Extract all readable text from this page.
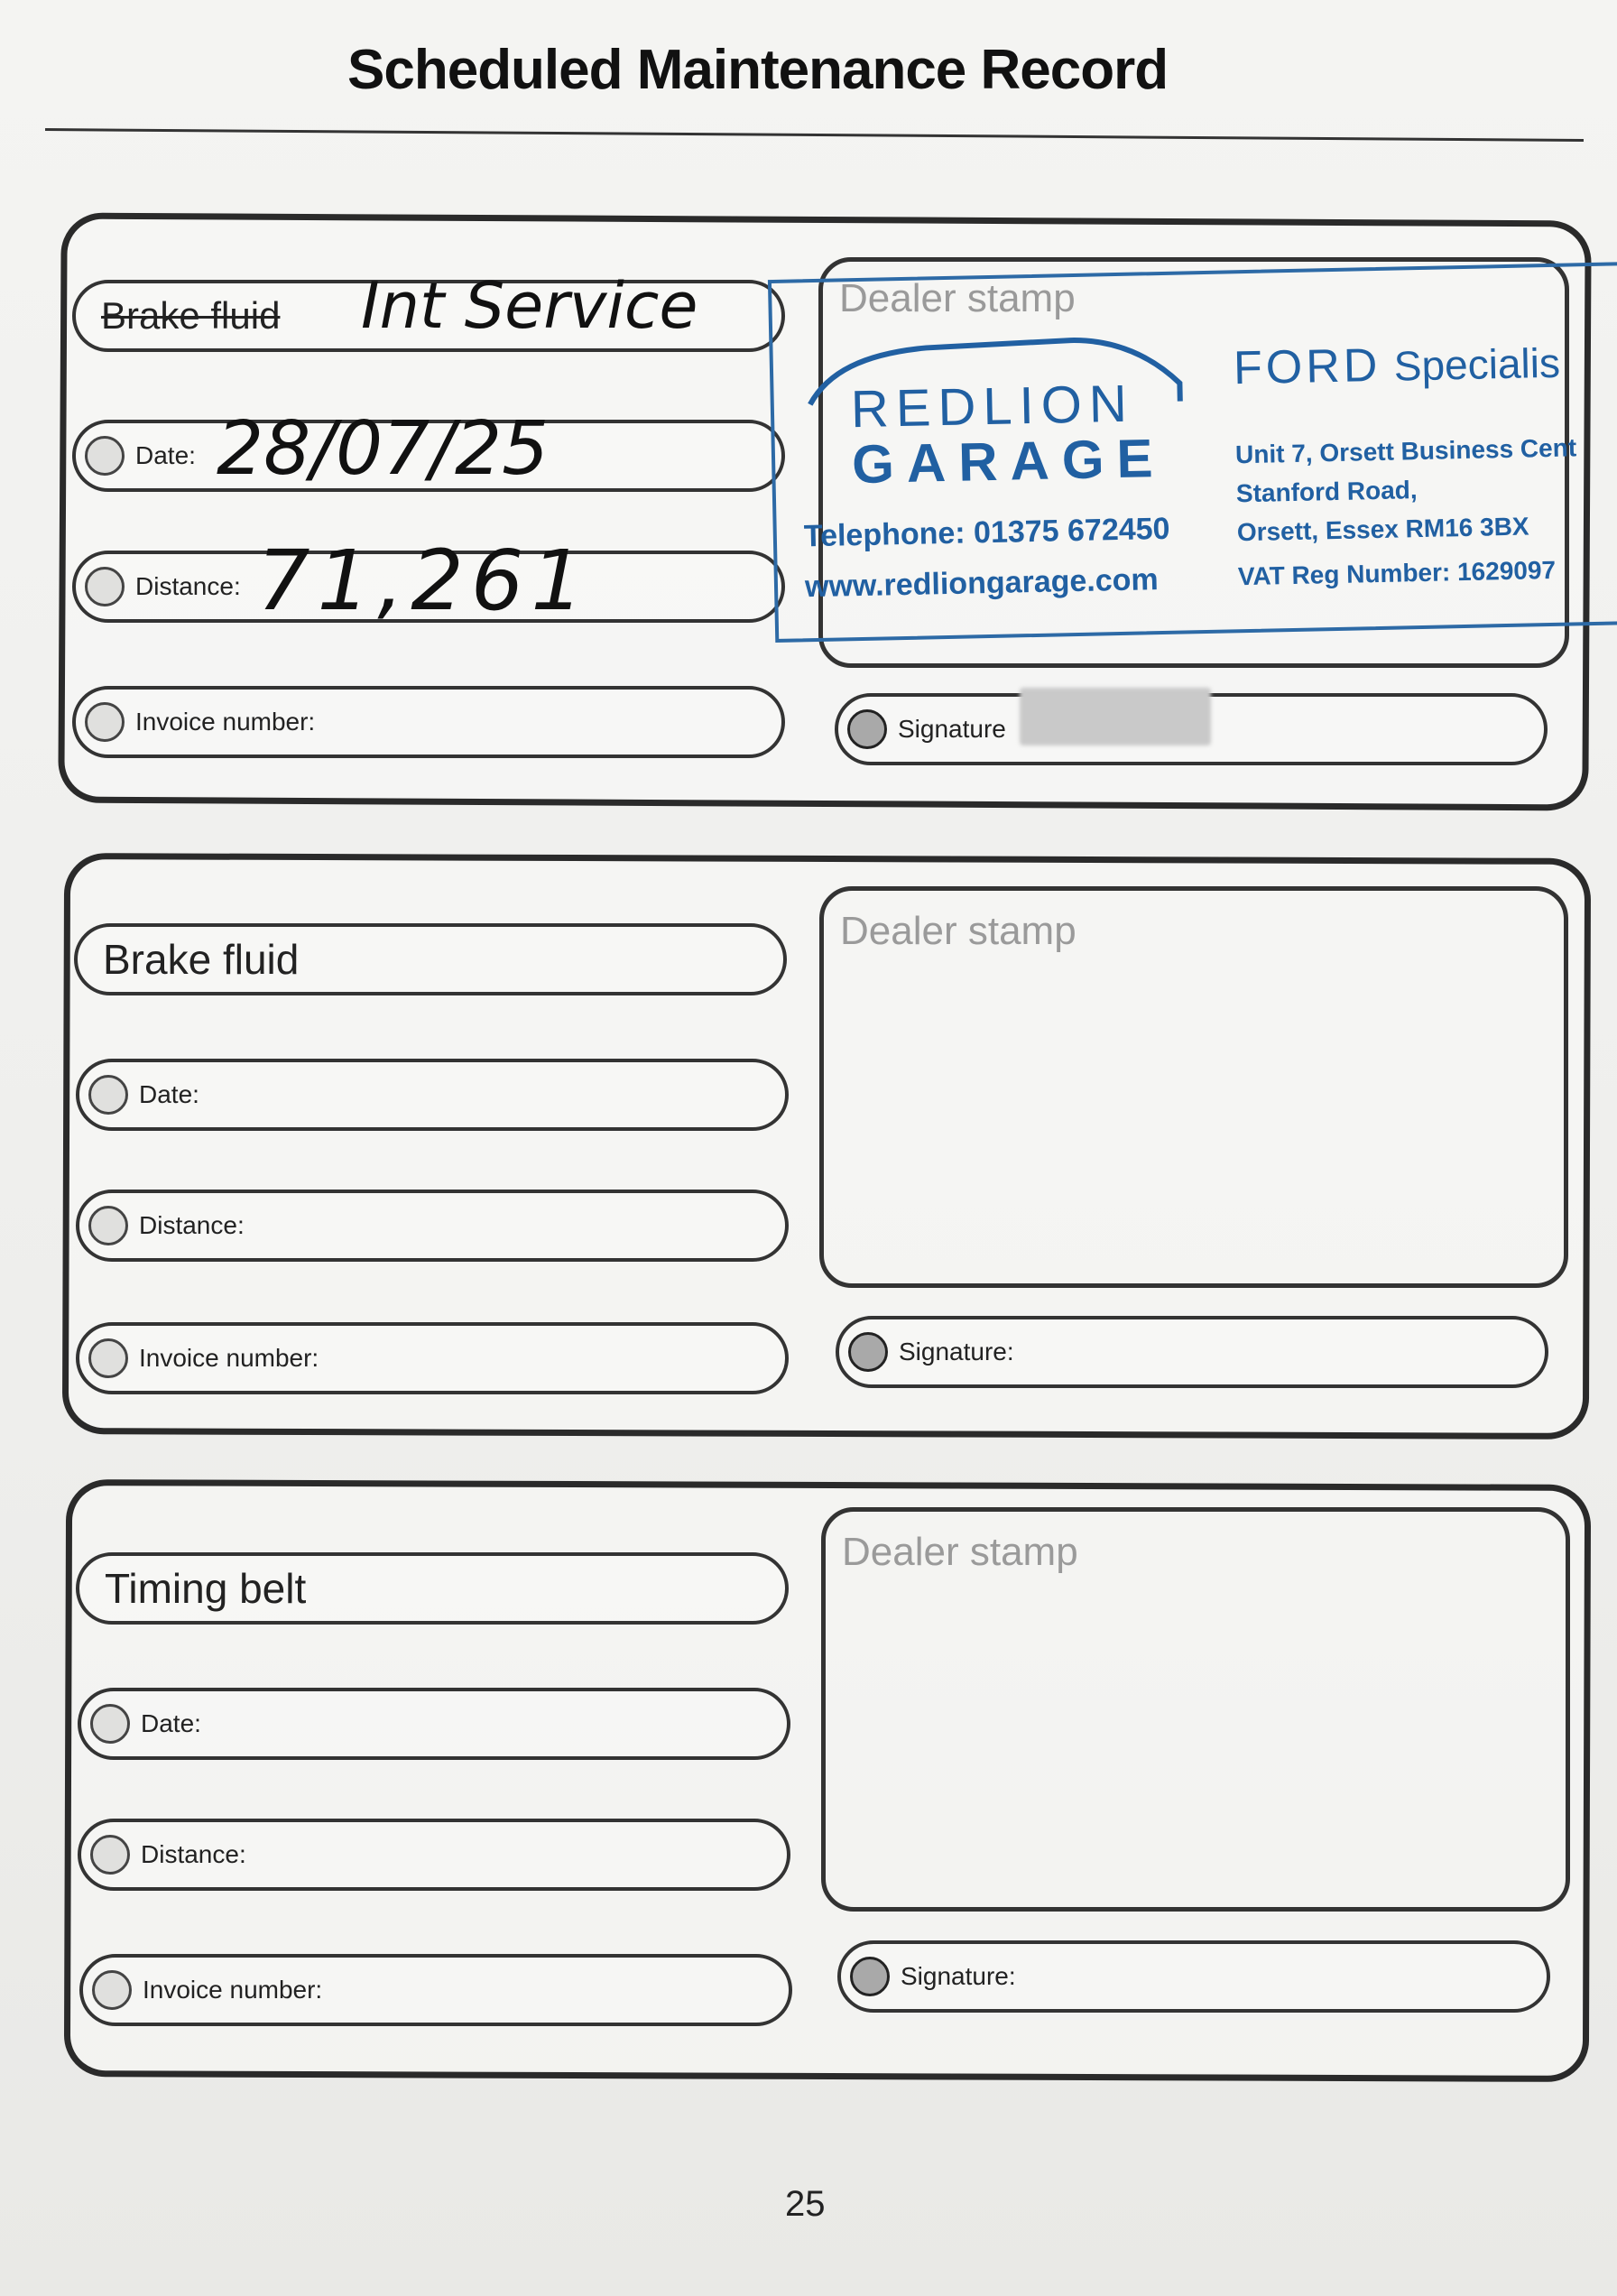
Scheduled Maintenance Record
Brake fluid Int Service
Date: 28/07/25
Distance: 71,261
Invoice number:
Dealer stamp
REDLION
GARAGE
Telephone: 01375 672450
www.redliongarage.com
FORD Specialis
Unit 7, Orsett Business Cent
Stanford Road,
Orsett, Essex RM16 3BX
VAT Reg Number: 1629097
Signature
Brake fluid
Date:
Distance:
Invoice number:
Dealer stamp
Signature:
Timing belt
Date:
Distance:
Invoice number:
Dealer stamp
Signature:
25
